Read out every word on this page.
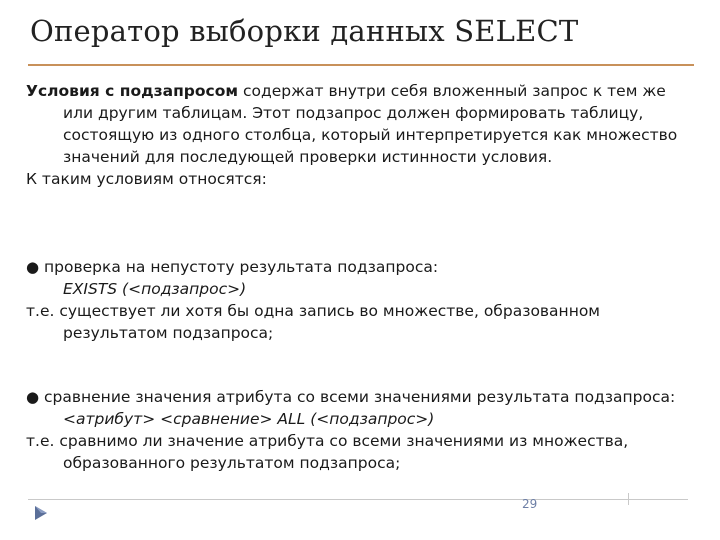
Оператор выборки данных SELECT

Условия с подзапросом содержат внутри себя вложенный запрос к тем же или другим таблицам. Этот подзапрос должен формировать таблицу, состоящую из одного столбца, который интерпретируется как множество значений для последующей проверки истинности условия.

К таким условиям относятся:

● проверка на непустоту результата подзапроса:

EXISTS (<подзапрос>)

т.е. существует ли хотя бы одна запись во множестве, образованном результатом подзапроса;

● сравнение значения атрибута со всеми значениями результата подзапроса:

<атрибут> <сравнение> ALL (<подзапрос>)

т.е. сравнимо ли значение атрибута со всеми значениями из множества, образованного результатом подзапроса;

29
